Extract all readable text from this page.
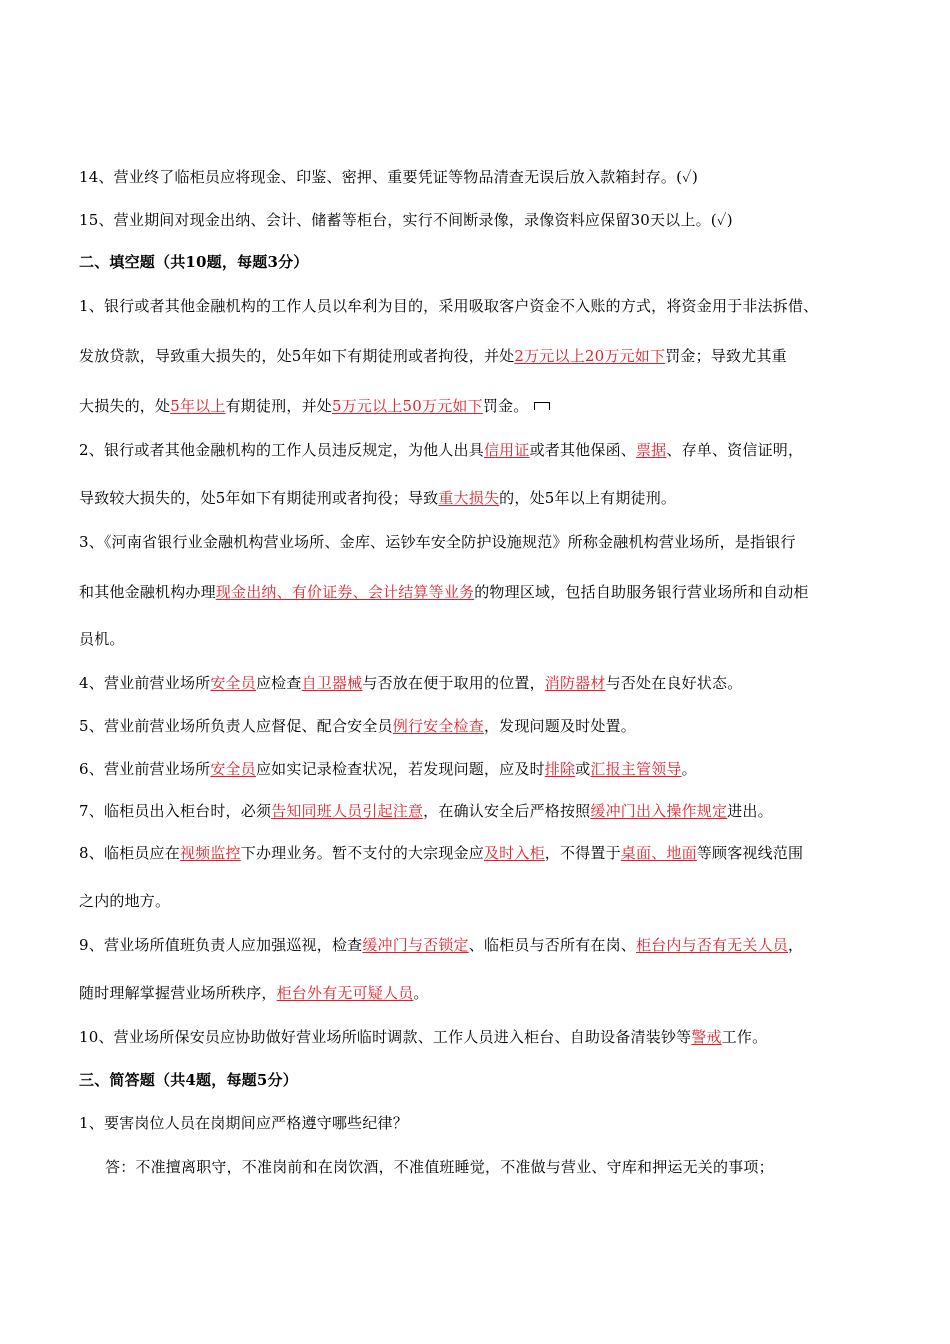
14、营业终了临柜员应将现金、印鉴、密押、重要凭证等物品清查无误后放入款箱封存。(✓)
15、营业期间对现金出纳、会计、储蓄等柜台，实行不间断录像，录像资料应保留30天以上。(✓)
二、填空题（共10题，每题3分）
1、银行或者其他金融机构的工作人员以牟利为目的，采用吸取客户资金不入账的方式，将资金用于非法拆借、
发放贷款，导致重大损失的，处5年如下有期徒刑或者拘役，并处2万元以上20万元如下罚金；导致尤其重
大损失的，处5年以上有期徒刑，并处5万元以上50万元如下罚金。
2、银行或者其他金融机构的工作人员违反规定，为他人出具信用证或者其他保函、票据、存单、资信证明，
导致较大损失的，处5年如下有期徒刑或者拘役；导致重大损失的，处5年以上有期徒刑。
3、《河南省银行业金融机构营业场所、金库、运钞车安全防护设施规范》所称金融机构营业场所，是指银行
和其他金融机构办理现金出纳、有价证券、会计结算等业务的物理区域，包括自助服务银行营业场所和自动柜
员机。
4、营业前营业场所安全员应检查自卫器械与否放在便于取用的位置，消防器材与否处在良好状态。
5、营业前营业场所负责人应督促、配合安全员例行安全检查，发现问题及时处置。
6、营业前营业场所安全员应如实记录检查状况，若发现问题，应及时排除或汇报主管领导。
7、临柜员出入柜台时，必须告知同班人员引起注意，在确认安全后严格按照缓冲门出入操作规定进出。
8、临柜员应在视频监控下办理业务。暂不支付的大宗现金应及时入柜，不得置于桌面、地面等顾客视线范围
之内的地方。
9、营业场所值班负责人应加强巡视，检查缓冲门与否锁定、临柜员与否所有在岗、柜台内与否有无关人员，
随时理解掌握营业场所秩序，柜台外有无可疑人员。
10、营业场所保安员应协助做好营业场所临时调款、工作人员进入柜台、自助设备清装钞等警戒工作。
三、简答题（共4题，每题5分）
1、要害岗位人员在岗期间应严格遵守哪些纪律？
答：不准擅离职守，不准岗前和在岗饮酒，不准值班睡觉，不准做与营业、守库和押运无关的事项；
